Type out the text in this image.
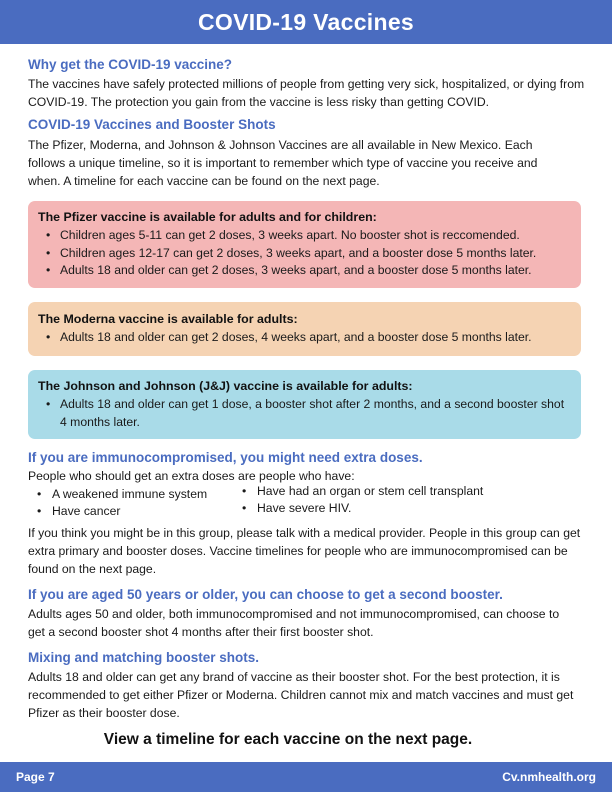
COVID-19 Vaccines
Why get the COVID-19 vaccine?

The vaccines have safely protected millions of people from getting very sick, hospitalized, or dying from COVID-19. The protection you gain from the vaccine is less risky than getting COVID.

COVID-19 Vaccines and Booster Shots

The Pfizer, Moderna, and Johnson & Johnson Vaccines are all available in New Mexico. Each follows a unique timeline, so it is important to remember which type of vaccine you receive and when. A timeline for each vaccine can be found on the next page.

The Pfizer vaccine is available for adults and for children:
• Children ages 5-11 can get 2 doses, 3 weeks apart. No booster shot is reccomended.
• Children ages 12-17 can get 2 doses, 3 weeks apart, and a booster dose 5 months later.
• Adults 18 and older can get 2 doses, 3 weeks apart, and a booster dose 5 months later.
The Moderna vaccine is available for adults:
• Adults 18 and older can get 2 doses, 4 weeks apart, and a booster dose 5 months later.
The Johnson and Johnson (J&J) vaccine is available for adults:
• Adults 18 and older can get 1 dose, a booster shot after 2 months, and a second booster shot 4 months later.
If you are immunocompromised, you might need extra doses.

People who should get an extra doses are people who have:

• A weakened immune system
• Have cancer
• Have had an organ or stem cell transplant
• Have severe HIV.

If you think you might be in this group, please talk with a medical provider. People in this group can get extra primary and booster doses. Vaccine timelines for people who are immunocompromised can be found on the next page.

If you are aged 50 years or older, you can choose to get a second booster.

Adults ages 50 and older, both immunocompromised and not immunocompromised, can choose to get a second booster shot 4 months after their first booster shot.

Mixing and matching booster shots.

Adults 18 and older can get any brand of vaccine as their booster shot. For the best protection, it is recommended to get either Pfizer or Moderna. Children cannot mix and match vaccines and must get Pfizer as their booster dose.

View a timeline for each vaccine on the next page.
Page 7	Cv.nmhealth.org
